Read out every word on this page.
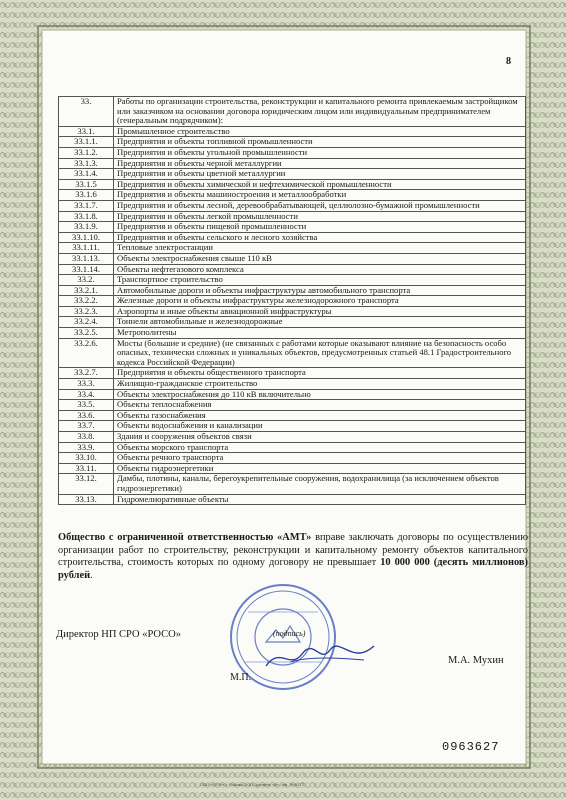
8
33.	Работы по организации строительства, реконструкции и капитального ремонта привлекаемым застройщиком или заказчиком на основании договора юридическим лицом или индивидуальным предпринимателем (генеральным подрядчиком):
33.1.	Промышленное строительство
33.1.1.	Предприятия и объекты топливной промышленности
33.1.2.	Предприятия и объекты угольной промышленности
33.1.3.	Предприятия и объекты черной металлургии
33.1.4.	Предприятия и объекты цветной металлургии
33.1.5	Предприятия и объекты химической и нефтехимической промышленности
33.1.6	Предприятия и объекты машиностроения и металлообработки
33.1.7.	Предприятия и объекты лесной, деревообрабатывающей, целлюлозно-бумажной промышленности
33.1.8.	Предприятия и объекты легкой промышленности
33.1.9.	Предприятия и объекты пищевой промышленности
33.1.10.	Предприятия и объекты сельского и лесного хозяйства
33.1.11.	Тепловые электростанции
33.1.13.	Объекты электроснабжения свыше 110 кВ
33.1.14.	Объекты нефтегазового комплекса
33.2.	Транспортное строительство
33.2.1.	Автомобильные дороги и объекты инфраструктуры автомобильного транспорта
33.2.2.	Железные дороги и объекты инфраструктуры железнодорожного транспорта
33.2.3.	Аэропорты и иные объекты авиационной инфраструктуры
33.2.4.	Тоннели автомобильные и железнодорожные
33.2.5.	Метрополитены
33.2.6.	Мосты (большие и средние) (не связанных с работами которые оказывают влияние на безопасность особо опасных, технически сложных и уникальных объектов, предусмотренных статьей 48.1 Градостроительного кодекса Российской Федерации)
33.2.7.	Предприятия и объекты общественного транспорта
33.3.	Жилищно-гражданское строительство
33.4.	Объекты электроснабжения до 110 кВ включительно
33.5.	Объекты теплоснабжения
33.6.	Объекты газоснабжения
33.7.	Объекты водоснабжения и канализации
33.8.	Здания и сооружения объектов связи
33.9.	Объекты морского транспорта
33.10.	Объекты речного транспорта
33.11.	Объекты гидроэнергетики
33.12.	Дамбы, плотины, каналы, берегоукрепительные сооружения, водохранилища (за исключением объектов гидроэнергетики)
33.13.	Гидромелиоративные объекты
Общество с ограниченной ответственностью «АМТ» вправе заключать договоры по осуществлению организации работ по строительству, реконструкции и капитальному ремонту объектов капитального строительства, стоимость которых по одному договору не превышает 10 000 000 (десять миллионов) рублей.
Директор НП СРО «РОСО»	(подпись)
М.П.
М.А. Мухин
0963627
ООО «ОПФ», г. Москва, 2011, уровень «В», зак. № 6277
